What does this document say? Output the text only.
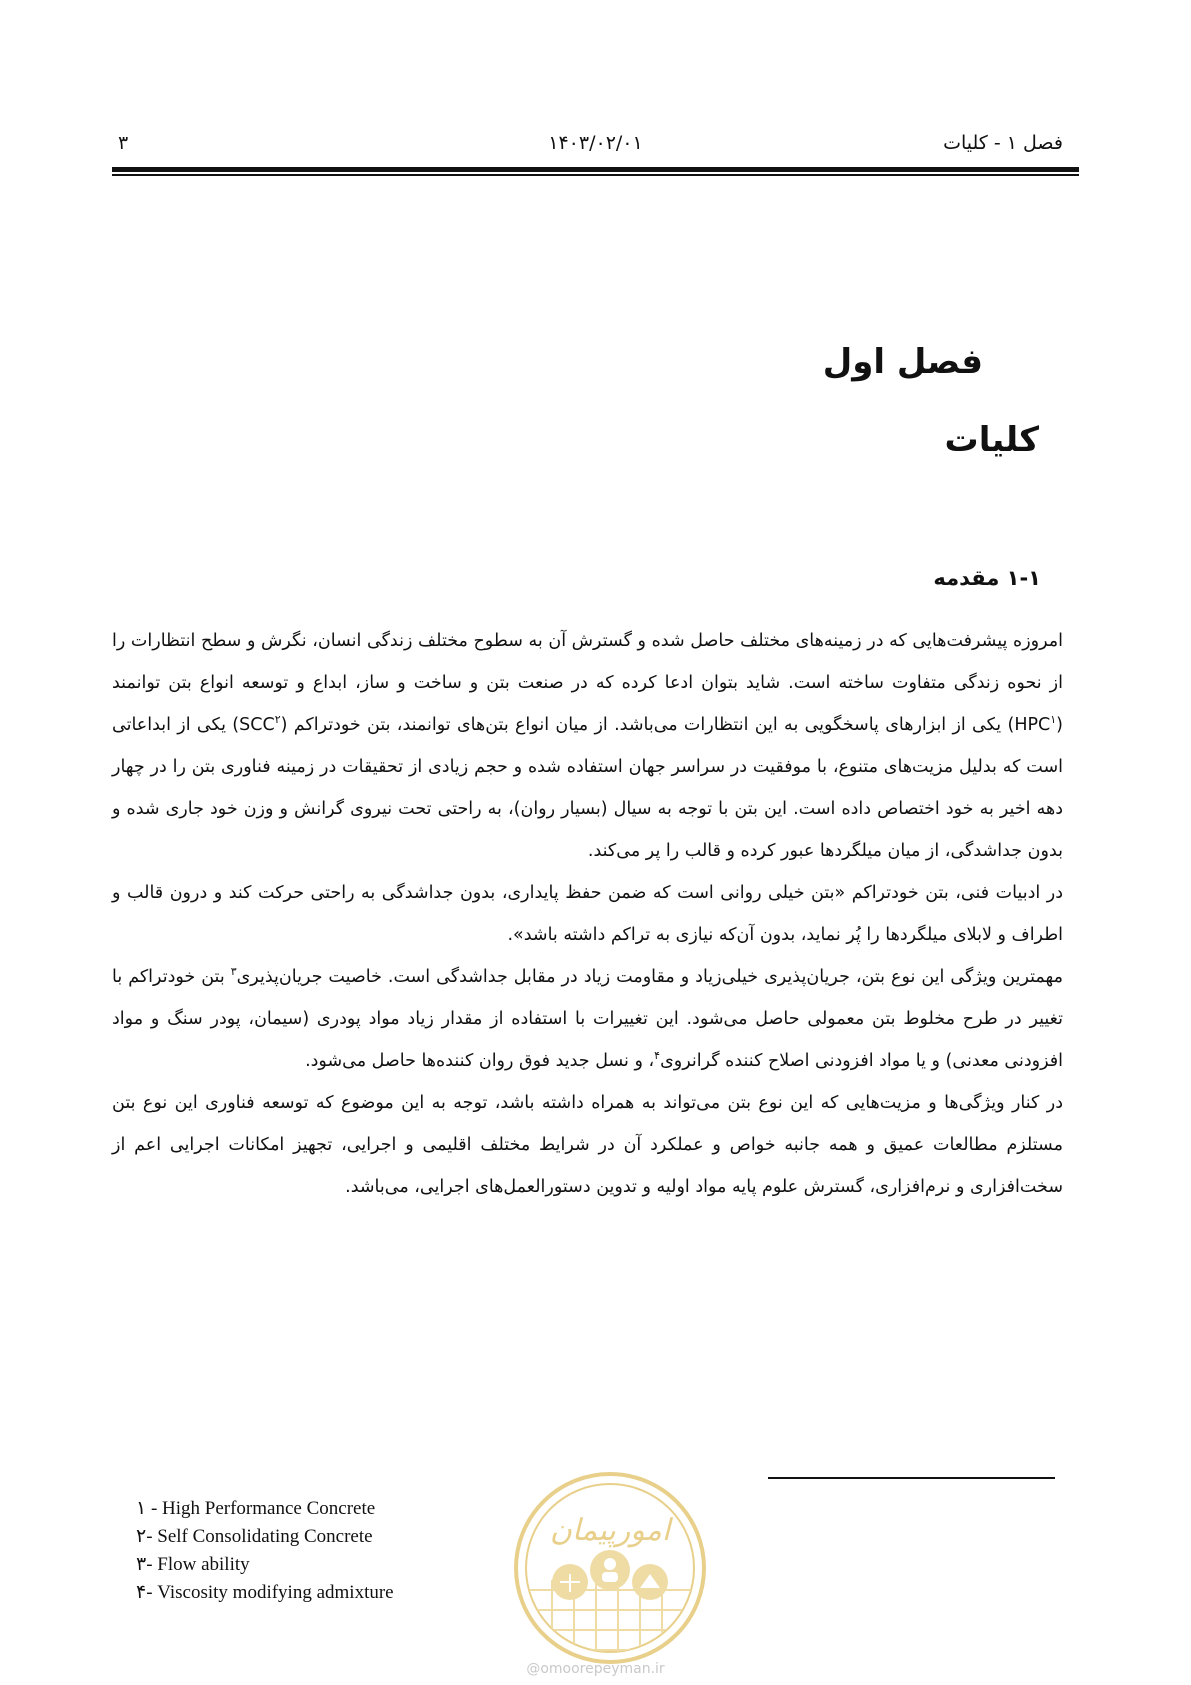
فصل ۱ - کلیات
۱۴۰۳/۰۲/۰۱
۳
فصل اول
کلیات
۱-۱ مقدمه

امروزه پیشرفت‌هایی که در زمینه‌های مختلف حاصل شده و گسترش آن به سطوح مختلف زندگی انسان، نگرش و سطح انتظارات را از نحوه زندگی متفاوت ساخته است. شاید بتوان ادعا کرده که در صنعت بتن و ساخت و ساز، ابداع و توسعه انواع بتن توانمند (HPC$^۱$) یکی از ابزارهای پاسخگویی به این انتظارات می‌باشد. از میان انواع بتن‌های توانمند، بتن خودتراکم (SCC$^۲$) یکی از ابداعاتی است که بدلیل مزیت‌های متنوع، با موفقیت در سراسر جهان استفاده شده و حجم زیادی از تحقیقات در زمینه فناوری بتن را در چهار دهه اخیر به خود اختصاص داده است. این بتن با توجه به سیال (بسیار روان)، به راحتی تحت نیروی گرانش و وزن خود جاری شده و بدون جداشدگی، از میان میلگردها عبور کرده و قالب را پر می‌کند.

در ادبیات فنی، بتن خودتراکم «بتن خیلی روانی است که ضمن حفظ پایداری، بدون جداشدگی به راحتی حرکت کند و درون قالب و اطراف و لابلای میلگردها را پُر نماید، بدون آن‌که نیازی به تراکم داشته باشد».

مهمترین ویژگی این نوع بتن، جریان‌پذیری خیلی‌زیاد و مقاومت زیاد در مقابل جداشدگی است. خاصیت جریان‌پذیری$^۳$ بتن خودتراکم با تغییر در طرح مخلوط بتن معمولی حاصل می‌شود. این تغییرات با استفاده از مقدار زیاد مواد پودری (سیمان، پودر سنگ و مواد افزودنی معدنی) و یا مواد افزودنی اصلاح کننده گرانروی$^۴$، و نسل جدید فوق روان کننده‌ها حاصل می‌شود.

در کنار ویژگی‌ها و مزیت‌هایی که این نوع بتن می‌تواند به همراه داشته باشد، توجه به این موضوع که توسعه فناوری این نوع بتن مستلزم مطالعات عمیق و همه جانبه خواص و عملکرد آن در شرایط مختلف اقلیمی و اجرایی، تجهیز امکانات اجرایی اعم از سخت‌افزاری و نرم‌افزاری، گسترش علوم پایه مواد اولیه و تدوین دستورالعمل‌های اجرایی، می‌باشد.

امورپیمان
۱ - High Performance Concrete
۲- Self Consolidating Concrete
۳- Flow ability
۴- Viscosity modifying admixture
@omoorepeyman.ir
